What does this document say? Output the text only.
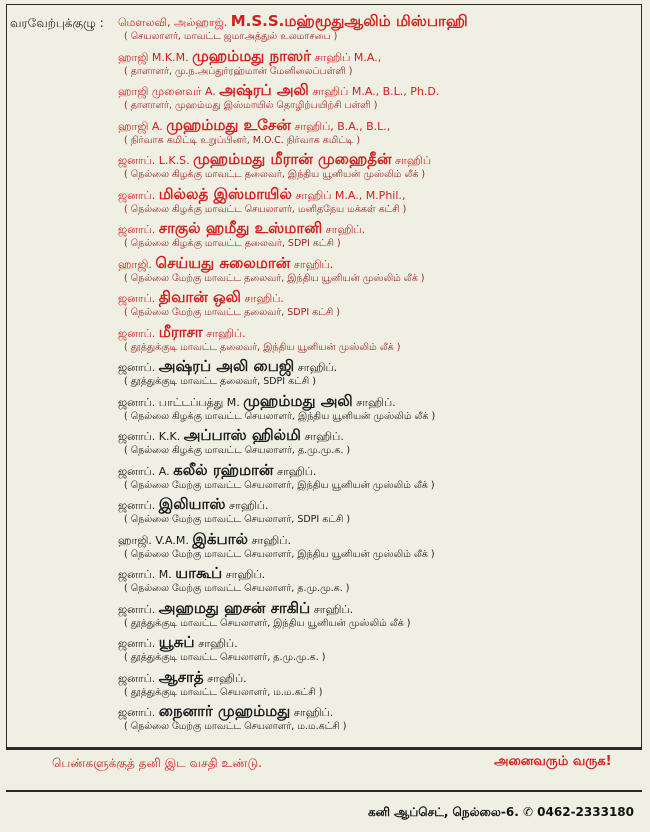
வரவேற்புக்குழு : மௌலவி, அல்ஹாஜ். M.S.S.மஹ்மூதுஆலிம் மிஸ்பாஹி
( செயலாளர், மாவட்ட ஜமாஅத்துல் உலமாசபை )
ஹாஜி M.K.M. முஹம்மது நாஸர் சாஹிப் M.A.,
( தாளாளர், மு.ந.அப்துர்ரஹ்மான் மேனிலைப்பள்ளி )
ஹாஜி முனைவர் A. அஷ்ரப் அலி சாஹிப் M.A., B.L., Ph.D.
( தாளாளர், முஹம்மது இஸ்மாயில் தொழிற்பயிற்சி பள்ளி )
ஹாஜி A. முஹம்மது உசேன் சாஹிப், B.A., B.L.,
( நிர்வாக கமிட்டி உறுப்பினர், M.O.C. நிர்வாக கமிட்டி )
ஜனாப். L.K.S. முஹம்மது மீரான் முஹைதீன் சாஹிப்
( நெல்லை கிழக்கு மாவட்ட தலைவர், இந்திய யூனியன் முஸ்லிம் லீக் )
ஜனாப். மில்லத் இஸ்மாயில் சாஹிப் M.A., M.Phil.,
( நெல்லை கிழக்கு மாவட்ட செயலாளர், மனிதநேய மக்கள் கட்சி )
ஜனாப். சாகுல் ஹமீது உஸ்மானி சாஹிப்.
( நெல்லை கிழக்கு மாவட்ட தலைவர், SDPI கட்சி )
ஹாஜி. செய்யது சுலைமான் சாஹிப்.
( நெல்லை மேற்கு மாவட்ட தலைவர், இந்திய யூனியன் முஸ்லிம் லீக் )
ஜனாப். திவான் ஒலி சாஹிப்.
( நெல்லை மேற்கு மாவட்ட தலைவர், SDPI கட்சி )
ஜனாப். மீராசா சாஹிப்.
( தூத்துக்குடி மாவட்ட தலைவர், இந்திய யூனியன் முஸ்லிம் லீக் )
ஜனாப். அஷ்ரப் அலி பைஜி சாஹிப்.
( தூத்துக்குடி மாவட்ட தலைவர், SDPI கட்சி )
ஜனாப். பாட்டப்பத்து M. முஹம்மது அலி சாஹிப்.
( நெல்லை கிழக்கு மாவட்ட செயலாளர், இந்திய யூனியன் முஸ்லிம் லீக் )
ஜனாப். K.K. அப்பாஸ் ஹில்மி சாஹிப்.
( நெல்லை கிழக்கு மாவட்ட செயலாளர், த.மு.மு.க. )
ஜனாப். A. கலீல் ரஹ்மான் சாஹிப்.
( நெல்லை மேற்கு மாவட்ட செயலாளர், இந்திய யூனியன் முஸ்லிம் லீக் )
ஜனாப். இலியாஸ் சாஹிப்.
( நெல்லை மேற்கு மாவட்ட செயலாளர், SDPI கட்சி )
ஹாஜி. V.A.M. இக்பால் சாஹிப்.
( நெல்லை மேற்கு மாவட்ட செயலாளர், இந்திய யூனியன் முஸ்லிம் லீக் )
ஜனாப். M. யாகூப் சாஹிப்.
( நெல்லை மேற்கு மாவட்ட செயலாளர், த.மு.மு.க. )
ஜனாப். அஹமது ஹசன் சாகிப் சாஹிப்.
( தூத்துக்குடி மாவட்ட செயலாளர், இந்திய யூனியன் முஸ்லிம் லீக் )
ஜனாப். யூசுப் சாஹிப்.
( தூத்துக்குடி மாவட்ட செயலாளர், த.மு.மு.க. )
ஜனாப். ஆசாத் சாஹிப்.
( தூத்துக்குடி மாவட்ட செயலாளர், ம.ம.கட்சி )
ஜனாப். நைனார் முஹம்மது சாஹிப்.
( நெல்லை மேற்கு மாவட்ட செயலாளர், ம.ம.கட்சி )
பெண்களுக்குத் தனி இட வசதி உண்டு.	அனைவரும் வருக!
கனி ஆப்செட், நெல்லை-6. ✆ 0462-2333180
